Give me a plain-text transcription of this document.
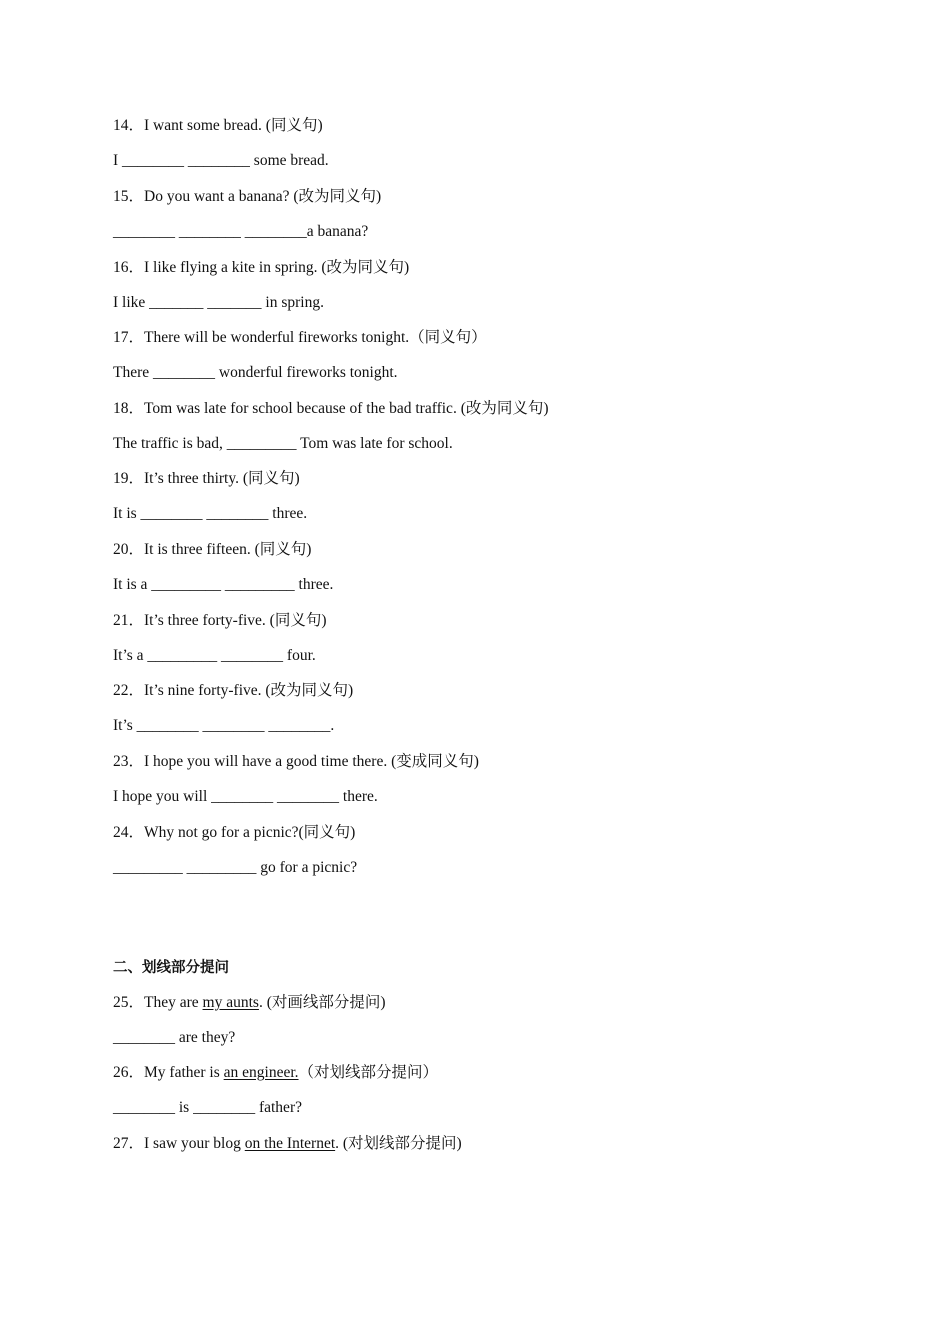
14．I want some bread. (同义句)
I ________ ________ some bread.
15．Do you want a banana? (改为同义句)
________ ________ ________a banana?
16．I like flying a kite in spring. (改为同义句)
I like _______ _______ in spring.
17．There will be wonderful fireworks tonight.（同义句）
There ________ wonderful fireworks tonight.
18．Tom was late for school because of the bad traffic. (改为同义句)
The traffic is bad, _________ Tom was late for school.
19．It’s three thirty. (同义句)
It is ________ ________ three.
20．It is three fifteen. (同义句)
It is a _________ _________ three.
21．It’s three forty-five. (同义句)
It’s a _________ ________ four.
22．It’s nine forty-five. (改为同义句)
It’s ________ ________ ________.
23．I hope you will have a good time there. (变成同义句)
I hope you will ________ ________ there.
24．Why not go for a picnic?(同义句)
_________ _________ go for a picnic?
二、划线部分提问
25．They are my aunts. (对画线部分提问)
________ are they?
26．My father is an engineer.（对划线部分提问）
________ is ________ father?
27．I saw your blog on the Internet. (对划线部分提问)
